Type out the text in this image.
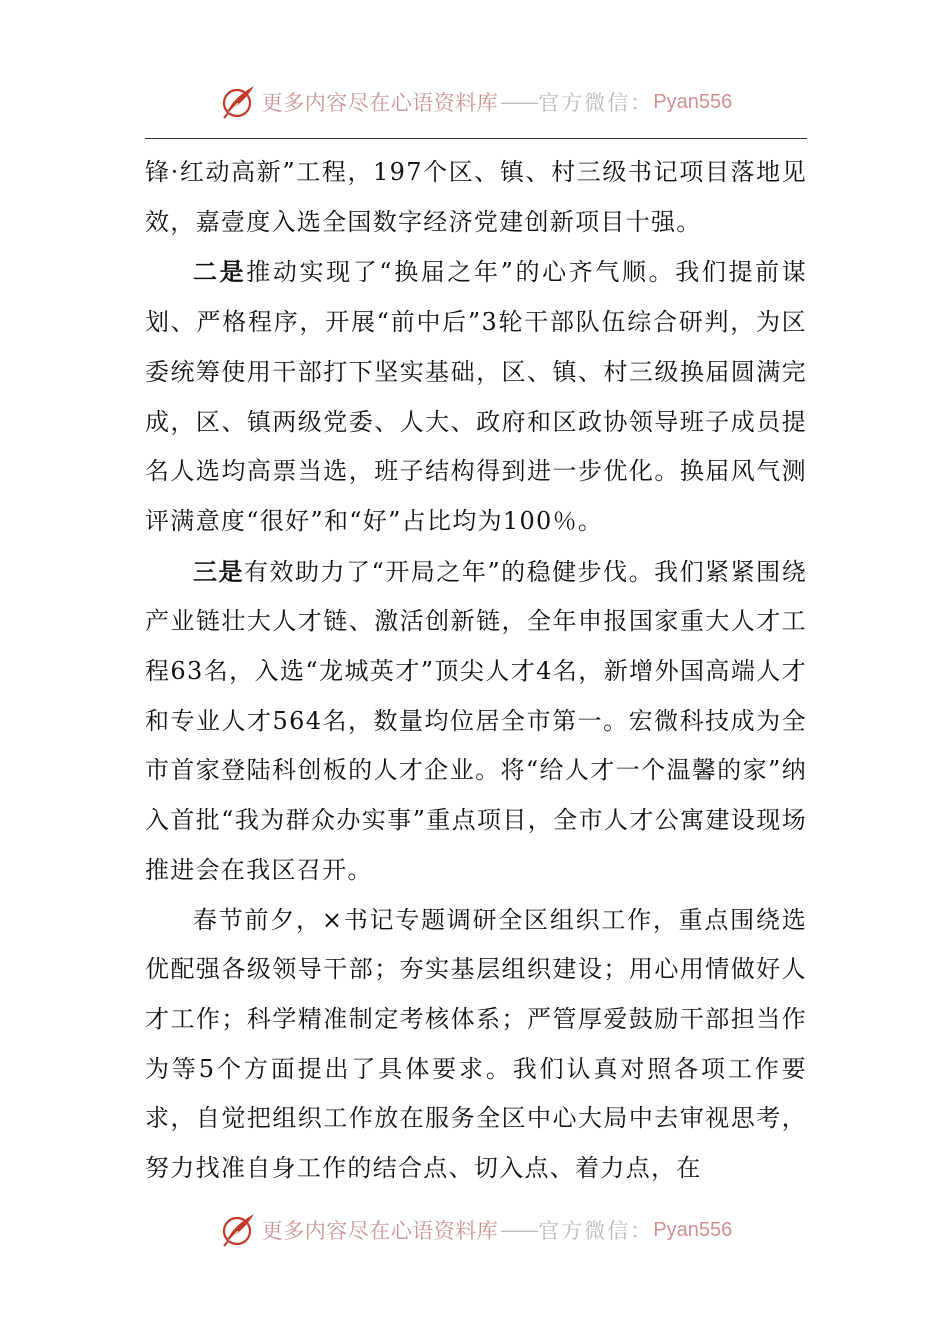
更多内容尽在心语资料库 —— 官方微信： Pyan556

锋·红动高新”工程，197个区、镇、村三级书记项目落地见效，嘉壹度入选全国数字经济党建创新项目十强。

二是推动实现了“换届之年”的心齐气顺。我们提前谋划、严格程序，开展“前中后”3轮干部队伍综合研判，为区委统筹使用干部打下坚实基础，区、镇、村三级换届圆满完成，区、镇两级党委、人大、政府和区政协领导班子成员提名人选均高票当选，班子结构得到进一步优化。换届风气测评满意度“很好”和“好”占比均为100％。

三是有效助力了“开局之年”的稳健步伐。我们紧紧围绕产业链壮大人才链、激活创新链，全年申报国家重大人才工程63名，入选“龙城英才”顶尖人才4名，新增外国高端人才和专业人才564名，数量均位居全市第一。宏微科技成为全市首家登陆科创板的人才企业。将“给人才一个温馨的家”纳入首批“我为群众办实事”重点项目，全市人才公寓建设现场推进会在我区召开。

春节前夕，×书记专题调研全区组织工作，重点围绕选优配强各级领导干部；夯实基层组织建设；用心用情做好人才工作；科学精准制定考核体系；严管厚爱鼓励干部担当作为等5个方面提出了具体要求。我们认真对照各项工作要求，自觉把组织工作放在服务全区中心大局中去审视思考，努力找准自身工作的结合点、切入点、着力点，在

更多内容尽在心语资料库 —— 官方微信： Pyan556
